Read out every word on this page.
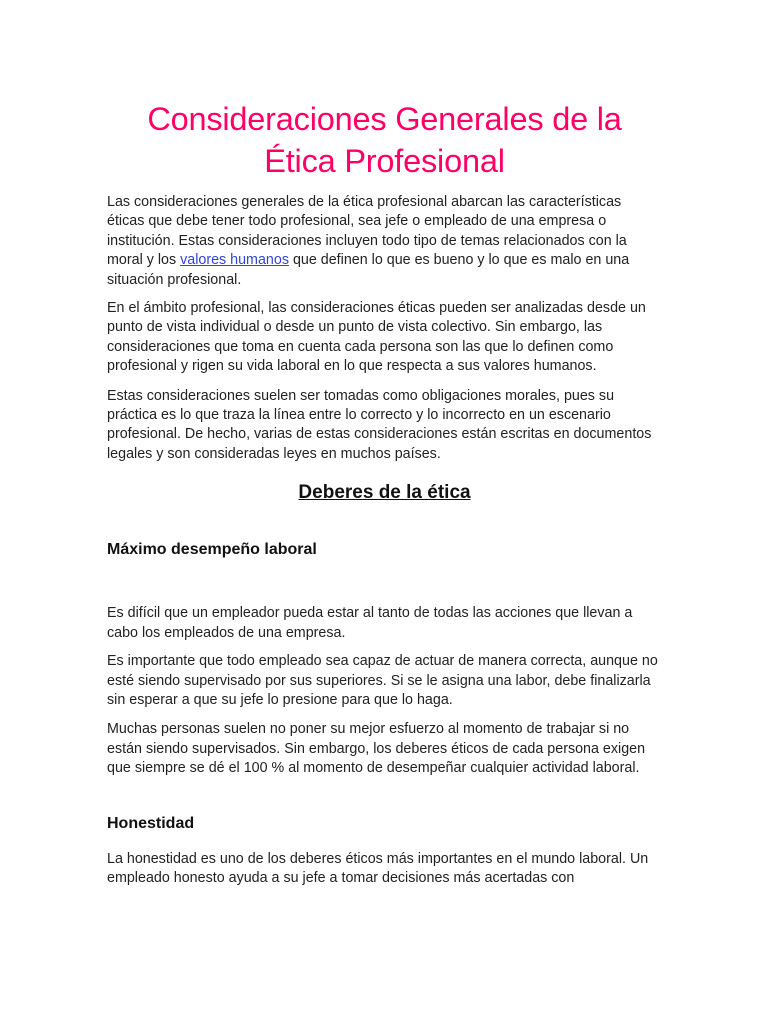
Consideraciones Generales de la
Ética Profesional

Las consideraciones generales de la ética profesional abarcan las características éticas que debe tener todo profesional, sea jefe o empleado de una empresa o institución. Estas consideraciones incluyen todo tipo de temas relacionados con la moral y los valores humanos que definen lo que es bueno y lo que es malo en una situación profesional.

En el ámbito profesional, las consideraciones éticas pueden ser analizadas desde un punto de vista individual o desde un punto de vista colectivo. Sin embargo, las consideraciones que toma en cuenta cada persona son las que lo definen como profesional y rigen su vida laboral en lo que respecta a sus valores humanos.

Estas consideraciones suelen ser tomadas como obligaciones morales, pues su práctica es lo que traza la línea entre lo correcto y lo incorrecto en un escenario profesional. De hecho, varias de estas consideraciones están escritas en documentos legales y son consideradas leyes en muchos países.

Deberes de la ética
Máximo desempeño laboral

Es difícil que un empleador pueda estar al tanto de todas las acciones que llevan a cabo los empleados de una empresa.

Es importante que todo empleado sea capaz de actuar de manera correcta, aunque no esté siendo supervisado por sus superiores. Si se le asigna una labor, debe finalizarla sin esperar a que su jefe lo presione para que lo haga.

Muchas personas suelen no poner su mejor esfuerzo al momento de trabajar si no están siendo supervisados. Sin embargo, los deberes éticos de cada persona exigen que siempre se dé el 100 % al momento de desempeñar cualquier actividad laboral.

Honestidad

La honestidad es uno de los deberes éticos más importantes en el mundo laboral. Un empleado honesto ayuda a su jefe a tomar decisiones más acertadas con
